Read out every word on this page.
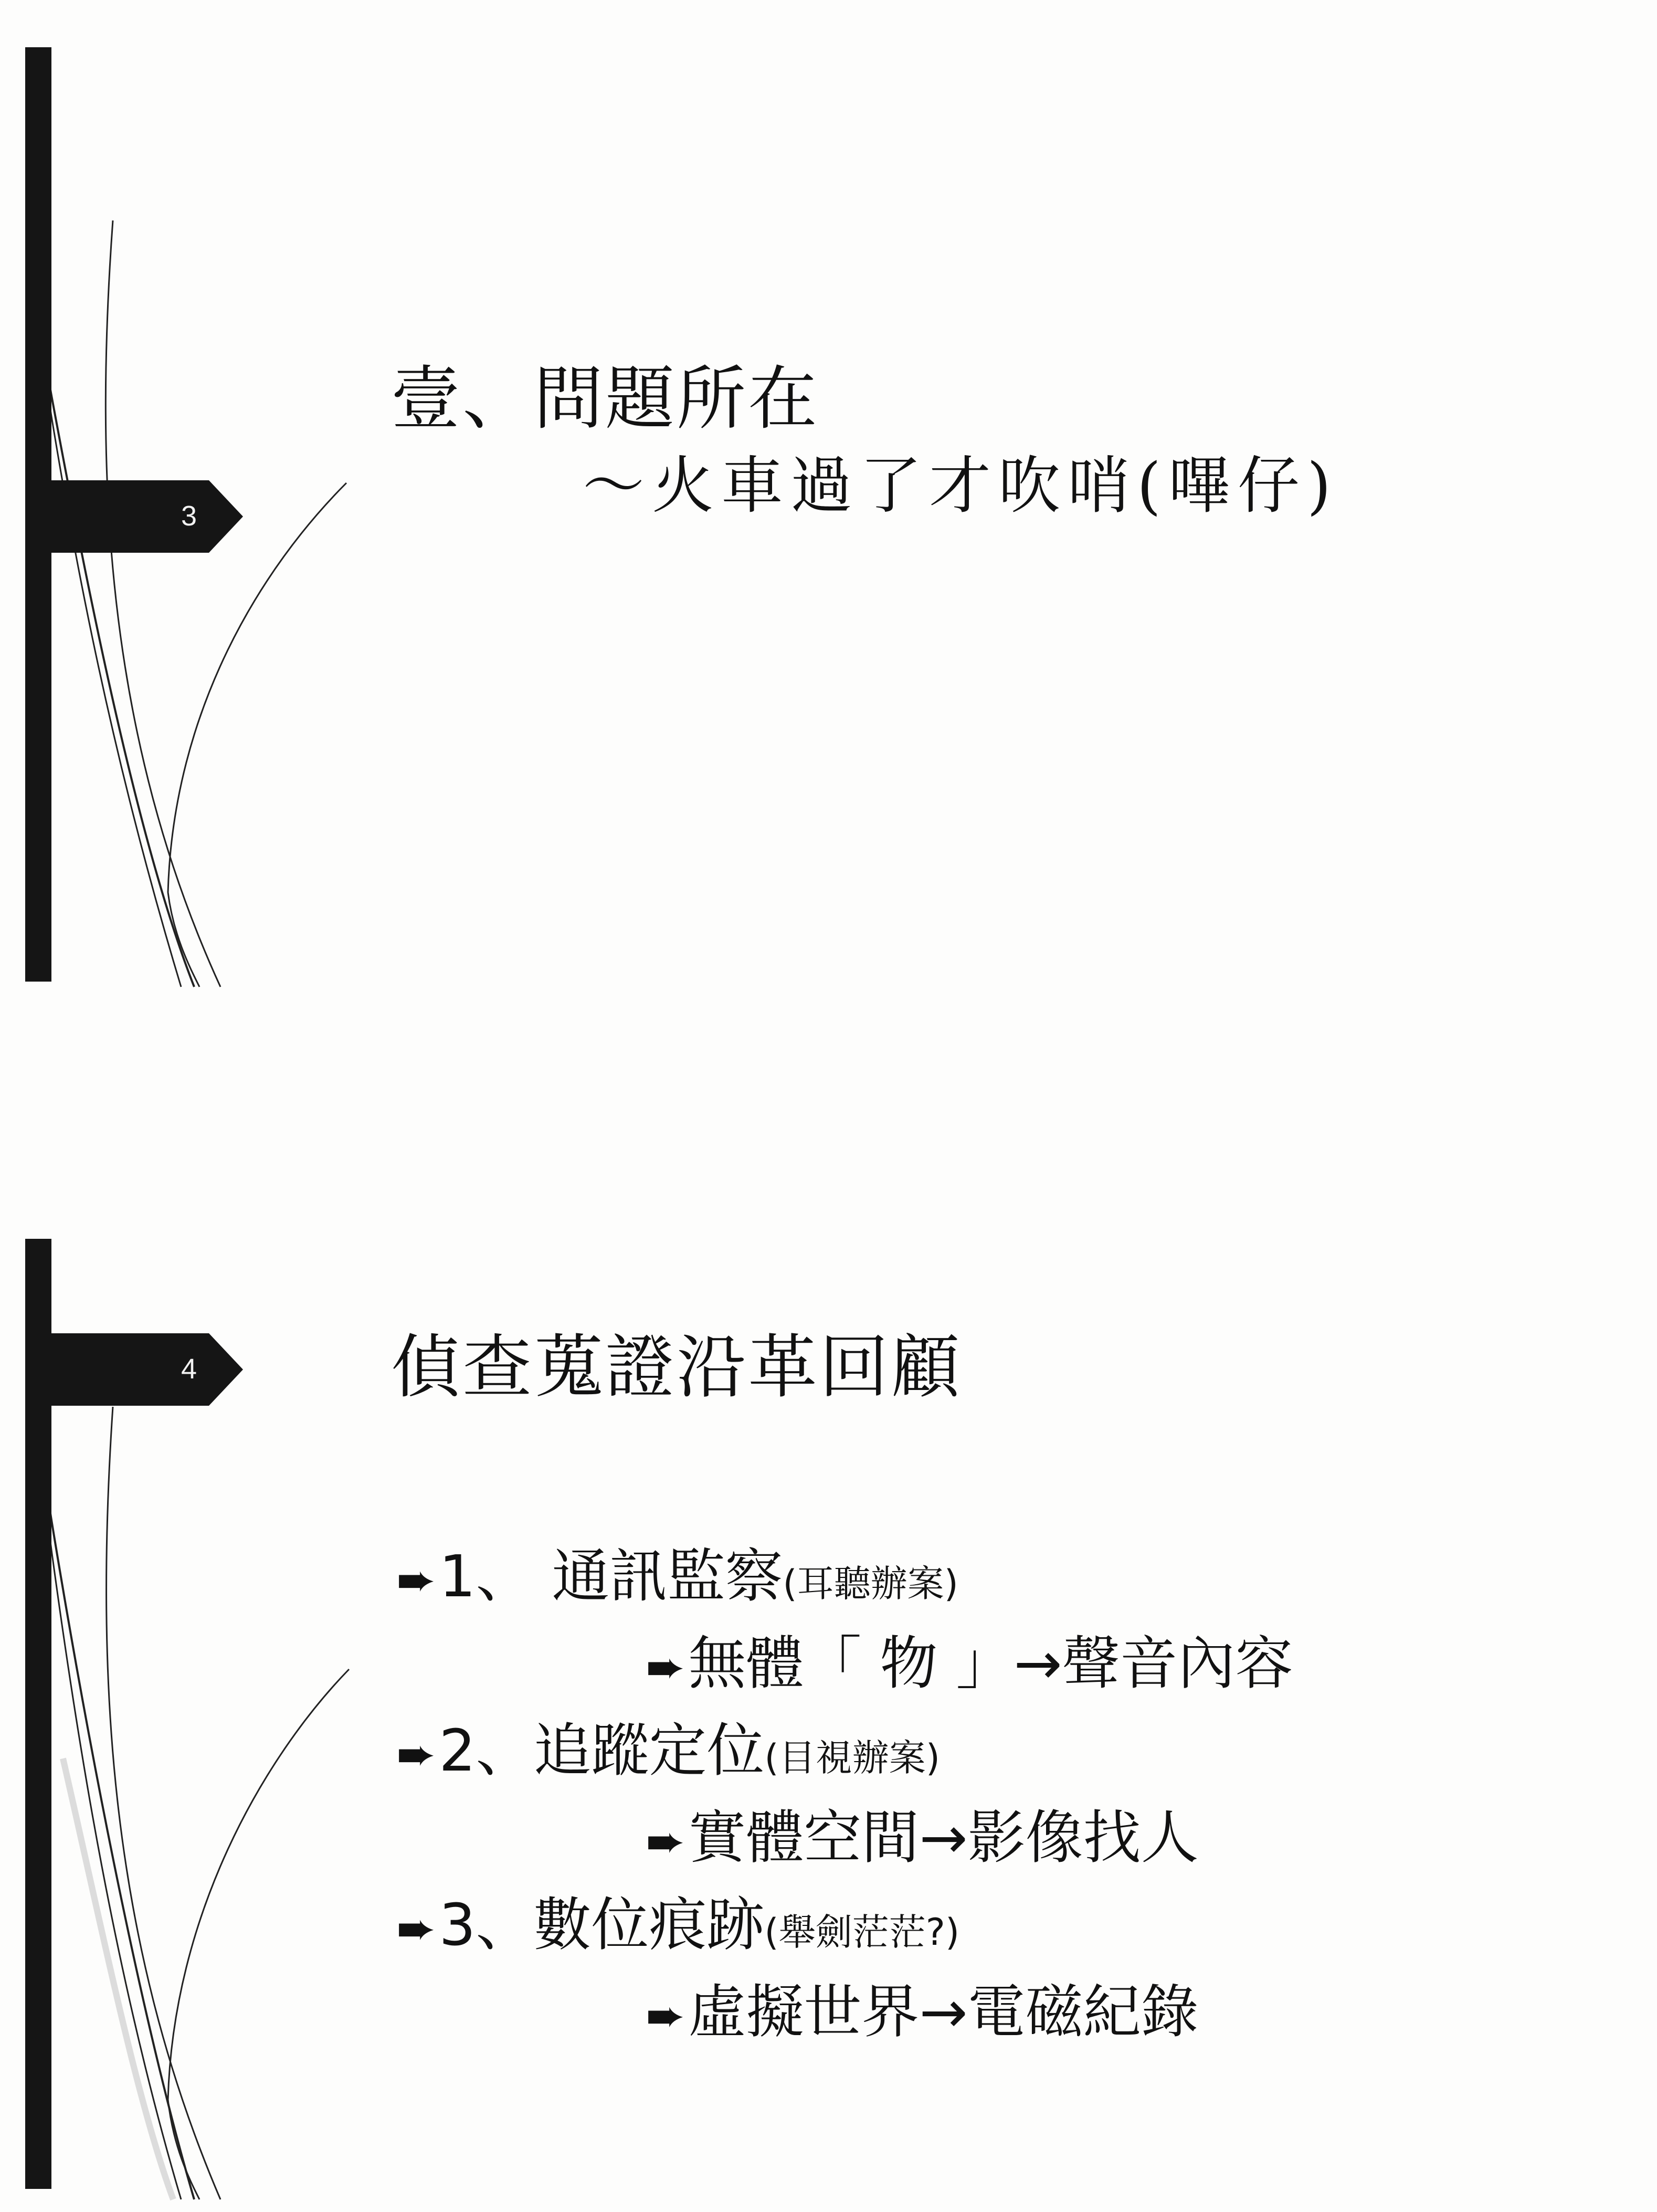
3
壹、問題所在
～火車過了才吹哨(嗶仔)
4	偵查蒐證沿革回顧
➨1、 通訊監察(耳聽辦案)
➨無體「 物 」→聲音內容
➨2、追蹤定位(目視辦案)
➨實體空間→影像找人
➨3、數位痕跡(舉劍茫茫?)
➨虛擬世界→電磁紀錄
